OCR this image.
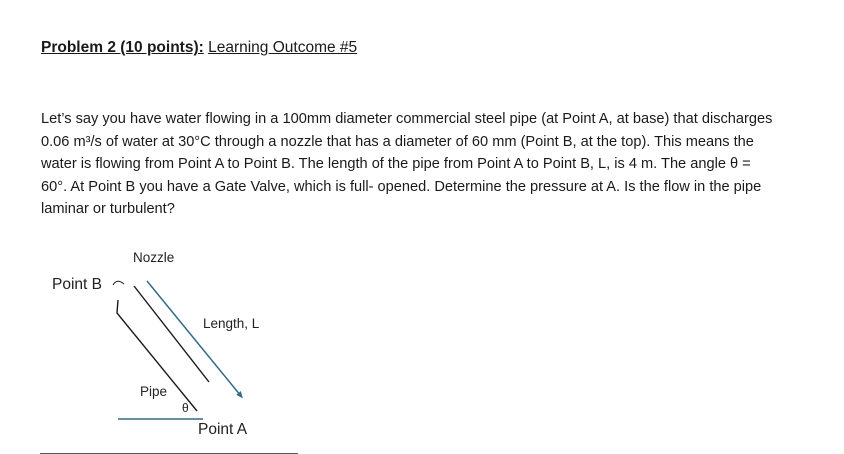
Problem 2 (10 points): Learning Outcome #5
Let’s say you have water flowing in a 100mm diameter commercial steel pipe (at Point A, at base) that discharges
0.06 m³/s of water at 30°C through a nozzle that has a diameter of 60 mm (Point B, at the top). This means the
water is flowing from Point A to Point B. The length of the pipe from Point A to Point B, L, is 4 m. The angle θ =
60°. At Point B you have a Gate Valve, which is full- opened. Determine the pressure at A. Is the flow in the pipe
laminar or turbulent?
Nozzle
Point B
Length, L
Pipe
θ
Point A
